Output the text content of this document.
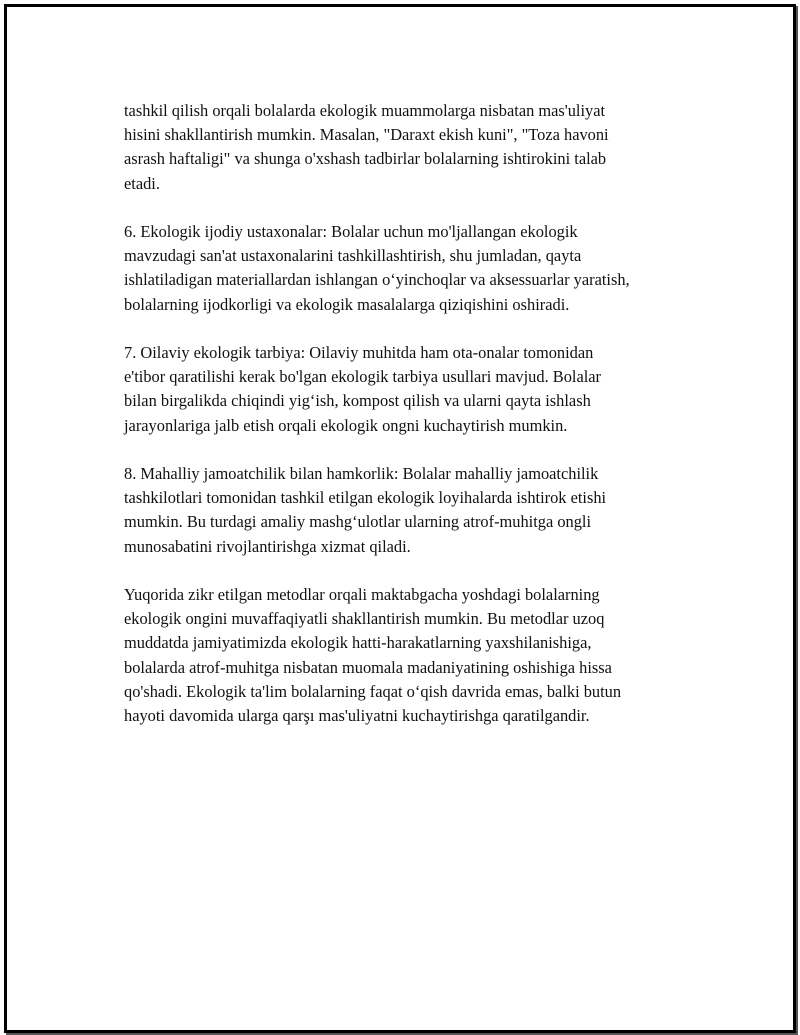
tashkil qilish orqali bolalarda ekologik muammolarga nisbatan mas'uliyat
hisini shakllantirish mumkin. Masalan, "Daraxt ekish kuni", "Toza havoni
asrash haftaligi" va shunga o'xshash tadbirlar bolalarning ishtirokini talab
etadi.

6. Ekologik ijodiy ustaxonalar: Bolalar uchun mo'ljallangan ekologik
mavzudagi san'at ustaxonalarini tashkillashtirish, shu jumladan, qayta
ishlatiladigan materiallardan ishlangan o‘yinchoqlar va aksessuarlar yaratish,
bolalarning ijodkorligi va ekologik masalalarga qiziqishini oshiradi.

7. Oilaviy ekologik tarbiya: Oilaviy muhitda ham ota-onalar tomonidan
e'tibor qaratilishi kerak bo'lgan ekologik tarbiya usullari mavjud. Bolalar
bilan birgalikda chiqindi yig‘ish, kompost qilish va ularni qayta ishlash
jarayonlariga jalb etish orqali ekologik ongni kuchaytirish mumkin.

8. Mahalliy jamoatchilik bilan hamkorlik: Bolalar mahalliy jamoatchilik
tashkilotlari tomonidan tashkil etilgan ekologik loyihalarda ishtirok etishi
mumkin. Bu turdagi amaliy mashg‘ulotlar ularning atrof-muhitga ongli
munosabatini rivojlantirishga xizmat qiladi.

Yuqorida zikr etilgan metodlar orqali maktabgacha yoshdagi bolalarning
ekologik ongini muvaffaqiyatli shakllantirish mumkin. Bu metodlar uzoq
muddatda jamiyatimizda ekologik hatti-harakatlarning yaxshilanishiga,
bolalarda atrof-muhitga nisbatan muomala madaniyatining oshishiga hissa
qo'shadi. Ekologik ta'lim bolalarning faqat o‘qish davrida emas, balki butun
hayoti davomida ularga qarşı mas'uliyatni kuchaytirishga qaratilgandir.
